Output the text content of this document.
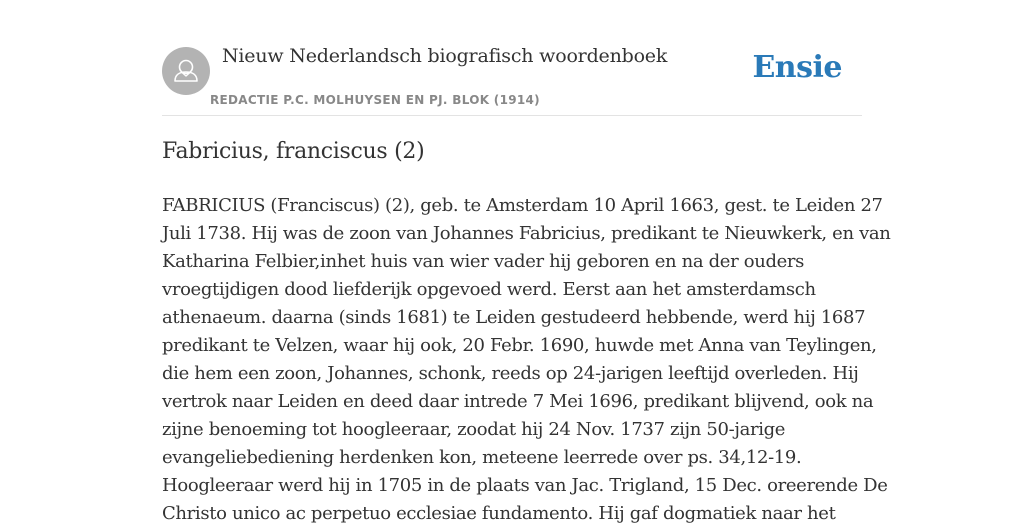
Nieuw Nederlandsch biografisch woordenboek
REDACTIE P.C. MOLHUYSEN EN PJ. BLOK (1914)
Ensie
Fabricius, franciscus (2)

FABRICIUS (Franciscus) (2), geb. te Amsterdam 10 April 1663, gest. te Leiden 27
Juli 1738. Hij was de zoon van Johannes Fabricius, predikant te Nieuwkerk, en van
Katharina Felbier,inhet huis van wier vader hij geboren en na der ouders
vroegtijdigen dood liefderijk opgevoed werd. Eerst aan het amsterdamsch
athenaeum. daarna (sinds 1681) te Leiden gestudeerd hebbende, werd hij 1687
predikant te Velzen, waar hij ook, 20 Febr. 1690, huwde met Anna van Teylingen,
die hem een zoon, Johannes, schonk, reeds op 24-jarigen leeftijd overleden. Hij
vertrok naar Leiden en deed daar intrede 7 Mei 1696, predikant blijvend, ook na
zijne benoeming tot hoogleeraar, zoodat hij 24 Nov. 1737 zijn 50-jarige
evangeliebediening herdenken kon, meteene leerrede over ps. 34,12-19.
Hoogleeraar werd hij in 1705 in de plaats van Jac. Trigland, 15 Dec. oreerende De
Christo unico ac perpetuo ecclesiae fundamento. Hij gaf dogmatiek naar het
